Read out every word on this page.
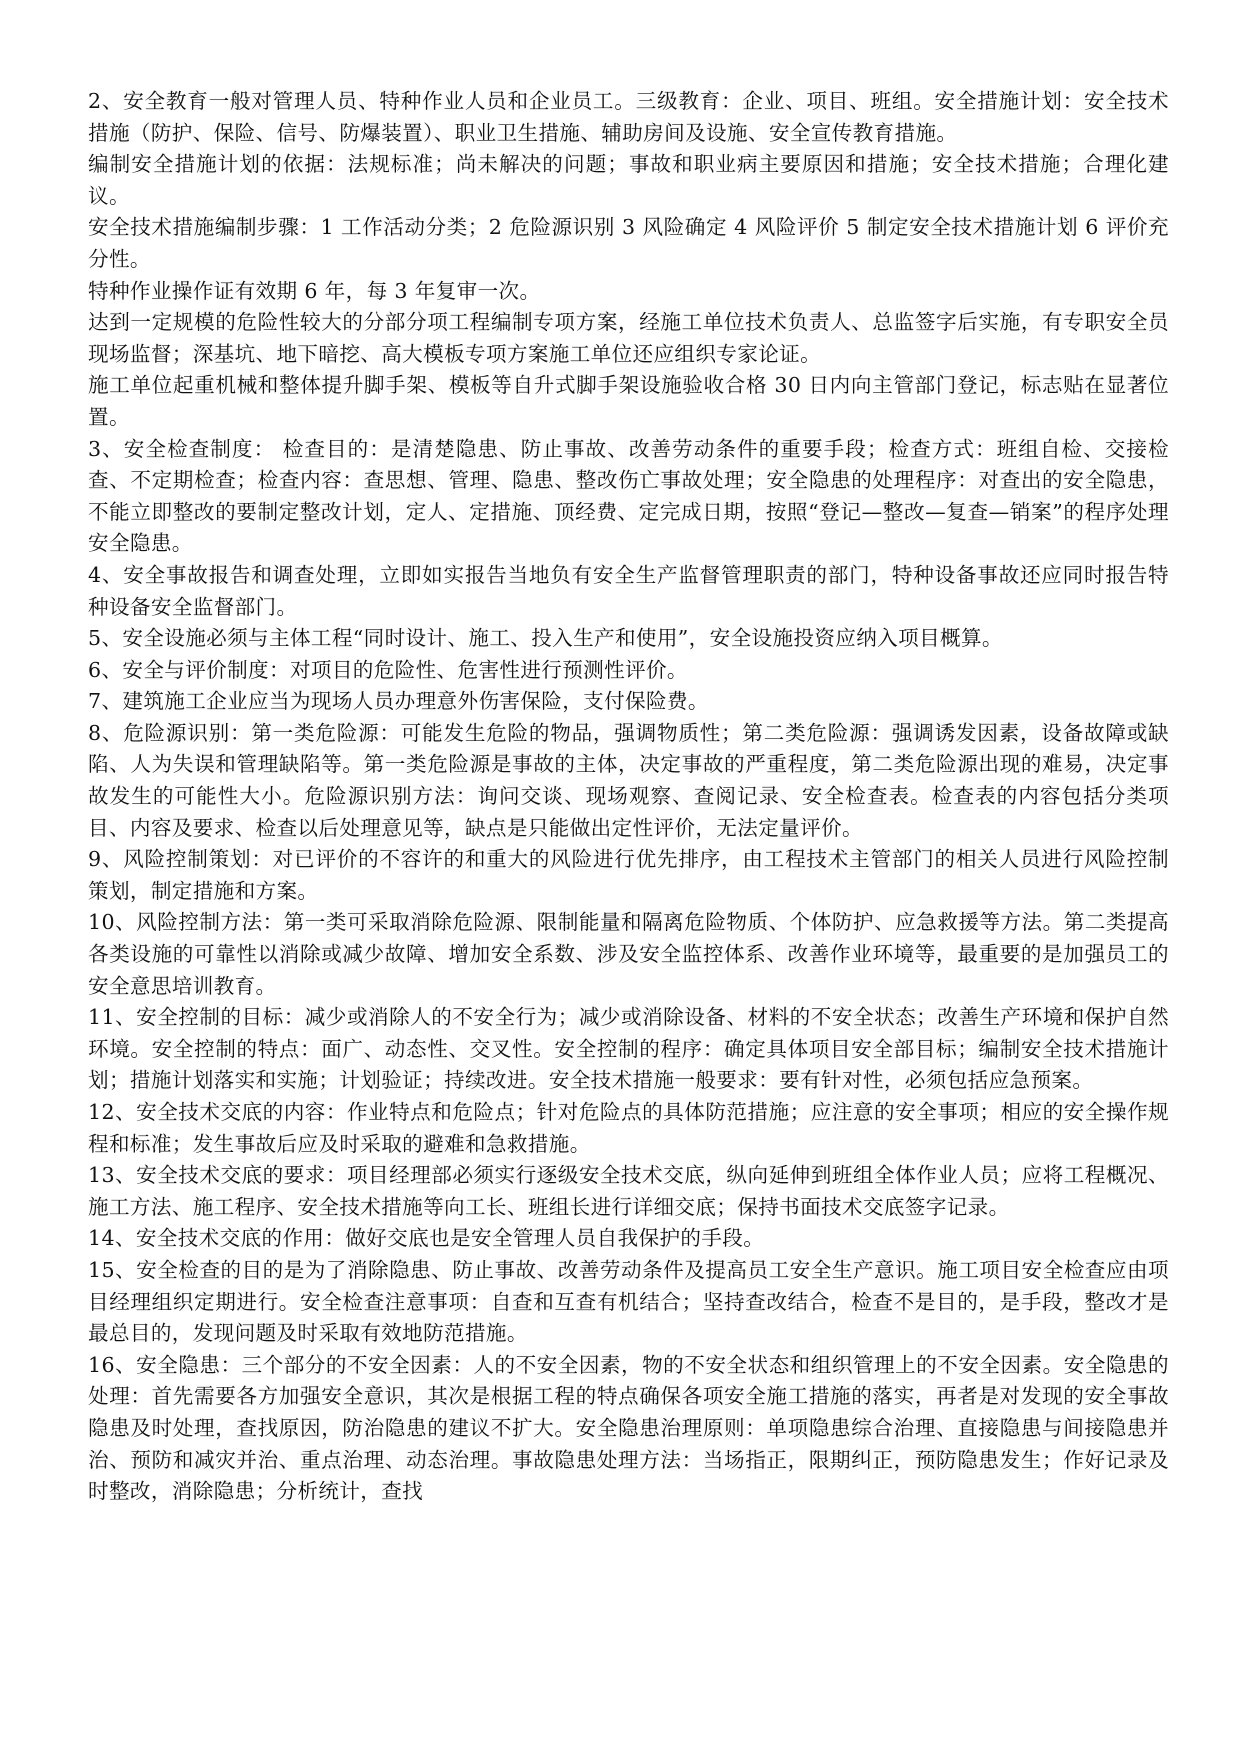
2、安全教育一般对管理人员、特种作业人员和企业员工。三级教育：企业、项目、班组。安全措施计划：安全技术措施（防护、保险、信号、防爆装置）、职业卫生措施、辅助房间及设施、安全宣传教育措施。

编制安全措施计划的依据：法规标准；尚未解决的问题；事故和职业病主要原因和措施；安全技术措施；合理化建议。

安全技术措施编制步骤：1 工作活动分类；2 危险源识别 3 风险确定 4 风险评价 5 制定安全技术措施计划 6 评价充分性。

特种作业操作证有效期 6 年，每 3 年复审一次。

达到一定规模的危险性较大的分部分项工程编制专项方案，经施工单位技术负责人、总监签字后实施，有专职安全员现场监督；深基坑、地下暗挖、高大模板专项方案施工单位还应组织专家论证。

施工单位起重机械和整体提升脚手架、模板等自升式脚手架设施验收合格 30 日内向主管部门登记，标志贴在显著位置。

3、安全检查制度： 检查目的：是清楚隐患、防止事故、改善劳动条件的重要手段；检查方式：班组自检、交接检查、不定期检查；检查内容：查思想、管理、隐患、整改伤亡事故处理；安全隐患的处理程序：对查出的安全隐患，不能立即整改的要制定整改计划，定人、定措施、顶经费、定完成日期，按照“登记—整改—复查—销案”的程序处理安全隐患。

4、安全事故报告和调查处理，立即如实报告当地负有安全生产监督管理职责的部门，特种设备事故还应同时报告特种设备安全监督部门。

5、安全设施必须与主体工程“同时设计、施工、投入生产和使用”，安全设施投资应纳入项目概算。

6、安全与评价制度：对项目的危险性、危害性进行预测性评价。

7、建筑施工企业应当为现场人员办理意外伤害保险，支付保险费。

8、危险源识别：第一类危险源：可能发生危险的物品，强调物质性；第二类危险源：强调诱发因素，设备故障或缺陷、人为失误和管理缺陷等。第一类危险源是事故的主体，决定事故的严重程度，第二类危险源出现的难易，决定事故发生的可能性大小。危险源识别方法：询问交谈、现场观察、查阅记录、安全检查表。检查表的内容包括分类项目、内容及要求、检查以后处理意见等，缺点是只能做出定性评价，无法定量评价。

9、风险控制策划：对已评价的不容许的和重大的风险进行优先排序，由工程技术主管部门的相关人员进行风险控制策划，制定措施和方案。

10、风险控制方法：第一类可采取消除危险源、限制能量和隔离危险物质、个体防护、应急救援等方法。第二类提高各类设施的可靠性以消除或减少故障、增加安全系数、涉及安全监控体系、改善作业环境等，最重要的是加强员工的安全意思培训教育。

11、安全控制的目标：减少或消除人的不安全行为；减少或消除设备、材料的不安全状态；改善生产环境和保护自然环境。安全控制的特点：面广、动态性、交叉性。安全控制的程序：确定具体项目安全部目标；编制安全技术措施计划；措施计划落实和实施；计划验证；持续改进。安全技术措施一般要求：要有针对性，必须包括应急预案。

12、安全技术交底的内容：作业特点和危险点；针对危险点的具体防范措施；应注意的安全事项；相应的安全操作规程和标准；发生事故后应及时采取的避难和急救措施。

13、安全技术交底的要求：项目经理部必须实行逐级安全技术交底，纵向延伸到班组全体作业人员；应将工程概况、施工方法、施工程序、安全技术措施等向工长、班组长进行详细交底；保持书面技术交底签字记录。

14、安全技术交底的作用：做好交底也是安全管理人员自我保护的手段。

15、安全检查的目的是为了消除隐患、防止事故、改善劳动条件及提高员工安全生产意识。施工项目安全检查应由项目经理组织定期进行。安全检查注意事项：自查和互查有机结合；坚持查改结合，检查不是目的，是手段，整改才是最总目的，发现问题及时采取有效地防范措施。

16、安全隐患：三个部分的不安全因素：人的不安全因素，物的不安全状态和组织管理上的不安全因素。安全隐患的处理：首先需要各方加强安全意识，其次是根据工程的特点确保各项安全施工措施的落实，再者是对发现的安全事故隐患及时处理，查找原因，防治隐患的建议不扩大。安全隐患治理原则：单项隐患综合治理、直接隐患与间接隐患并治、预防和减灾并治、重点治理、动态治理。事故隐患处理方法：当场指正，限期纠正，预防隐患发生；作好记录及时整改，消除隐患；分析统计，查找
